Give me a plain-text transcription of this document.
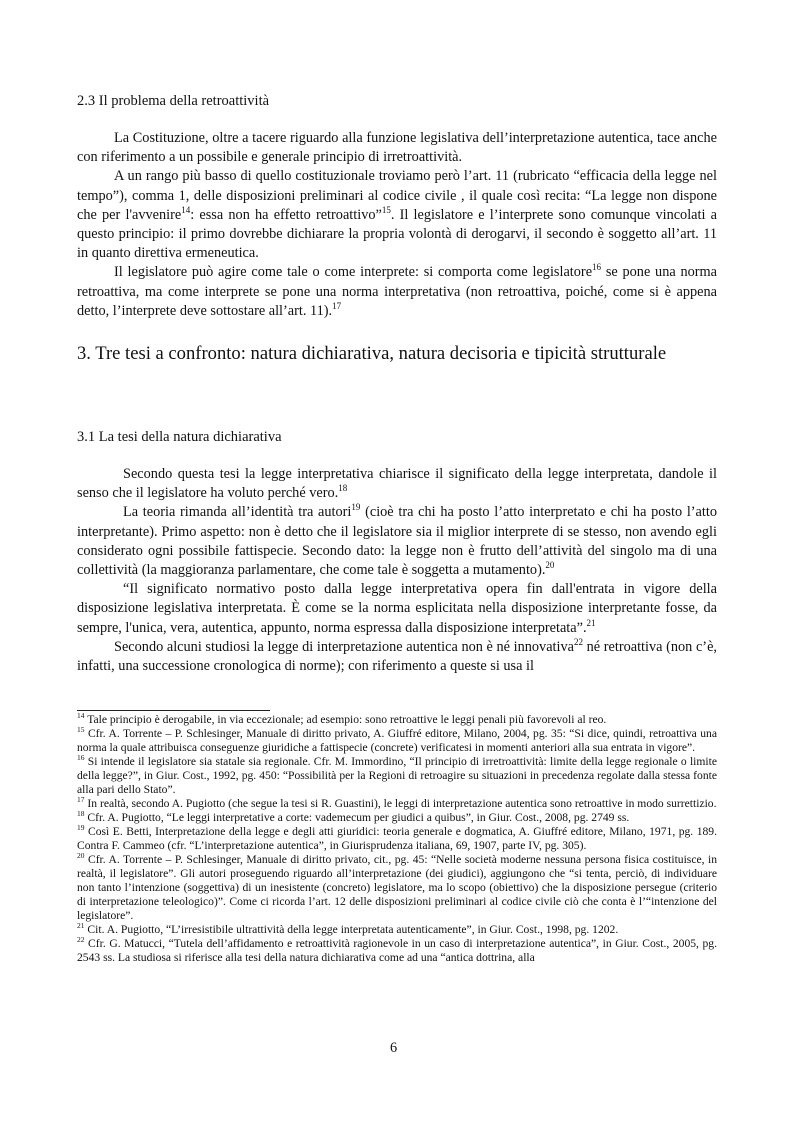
2.3 Il problema della retroattività

La Costituzione, oltre a tacere riguardo alla funzione legislativa dell’interpretazione autentica, tace anche con riferimento a un possibile e generale principio di irretroattività.

A un rango più basso di quello costituzionale troviamo però l’art. 11 (rubricato “efficacia della legge nel tempo”), comma 1, delle disposizioni preliminari al codice civile , il quale così recita: “La legge non dispone che per l'avvenire$^{14}$: essa non ha effetto retroattivo”$^{15}$. Il legislatore e l’interprete sono comunque vincolati a questo principio: il primo dovrebbe dichiarare la propria volontà di derogarvi, il secondo è soggetto all’art. 11 in quanto direttiva ermeneutica.

Il legislatore può agire come tale o come interprete: si comporta come legislatore$^{16}$ se pone una norma retroattiva, ma come interprete se pone una norma interpretativa (non retroattiva, poiché, come si è appena detto, l’interprete deve sottostare all’art. 11).$^{17}$

3. Tre tesi a confronto: natura dichiarativa, natura decisoria e tipicità strutturale
3.1 La tesi della natura dichiarativa

Secondo questa tesi la legge interpretativa chiarisce il significato della legge interpretata, dandole il senso che il legislatore ha voluto perché vero.$^{18}$

La teoria rimanda all’identità tra autori$^{19}$ (cioè tra chi ha posto l’atto interpretato e chi ha posto l’atto interpretante). Primo aspetto: non è detto che il legislatore sia il miglior interprete di se stesso, non avendo egli considerato ogni possibile fattispecie. Secondo dato: la legge non è frutto dell’attività del singolo ma di una collettività (la maggioranza parlamentare, che come tale è soggetta a mutamento).$^{20}$

“Il significato normativo posto dalla legge interpretativa opera fin dall'entrata in vigore della disposizione legislativa interpretata. È come se la norma esplicitata nella disposizione interpretante fosse, da sempre, l'unica, vera, autentica, appunto, norma espressa dalla disposizione interpretata”.$^{21}$

Secondo alcuni studiosi la legge di interpretazione autentica non è né innovativa$^{22}$ né retroattiva (non c’è, infatti, una successione cronologica di norme); con riferimento a queste si usa il

$^{14}$ Tale principio è derogabile, in via eccezionale; ad esempio: sono retroattive le leggi penali più favorevoli al reo.

$^{15}$ Cfr. A. Torrente – P. Schlesinger, Manuale di diritto privato, A. Giuffré editore, Milano, 2004, pg. 35: “Si dice, quindi, retroattiva una norma la quale attribuisca conseguenze giuridiche a fattispecie (concrete) verificatesi in momenti anteriori alla sua entrata in vigore”.

$^{16}$ Si intende il legislatore sia statale sia regionale. Cfr. M. Immordino, “Il principio di irretroattività: limite della legge regionale o limite della legge?”, in Giur. Cost., 1992, pg. 450: “Possibilità per la Regioni di retroagire su situazioni in precedenza regolate dalla stessa fonte alla pari dello Stato”.

$^{17}$ In realtà, secondo A. Pugiotto (che segue la tesi si R. Guastini), le leggi di interpretazione autentica sono retroattive in modo surrettizio.

$^{18}$ Cfr. A. Pugiotto, “Le leggi interpretative a corte: vademecum per giudici a quibus”, in Giur. Cost., 2008, pg. 2749 ss.

$^{19}$ Così E. Betti, Interpretazione della legge e degli atti giuridici: teoria generale e dogmatica, A. Giuffré editore, Milano, 1971, pg. 189. Contra F. Cammeo (cfr. “L’interpretazione autentica”, in Giurisprudenza italiana, 69, 1907, parte IV, pg. 305).

$^{20}$ Cfr. A. Torrente – P. Schlesinger, Manuale di diritto privato, cit., pg. 45: “Nelle società moderne nessuna persona fisica costituisce, in realtà, il legislatore”. Gli autori proseguendo riguardo all’interpretazione (dei giudici), aggiungono che “si tenta, perciò, di individuare non tanto l’intenzione (soggettiva) di un inesistente (concreto) legislatore, ma lo scopo (obiettivo) che la disposizione persegue (criterio di interpretazione teleologico)”. Come ci ricorda l’art. 12 delle disposizioni preliminari al codice civile ciò che conta è l’“intenzione del legislatore”.

$^{21}$ Cit. A. Pugiotto, “L’irresistibile ultrattività della legge interpretata autenticamente”, in Giur. Cost., 1998, pg. 1202.

$^{22}$ Cfr. G. Matucci, “Tutela dell’affidamento e retroattività ragionevole in un caso di interpretazione autentica”, in Giur. Cost., 2005, pg. 2543 ss. La studiosa si riferisce alla tesi della natura dichiarativa come ad una “antica dottrina, alla

6
